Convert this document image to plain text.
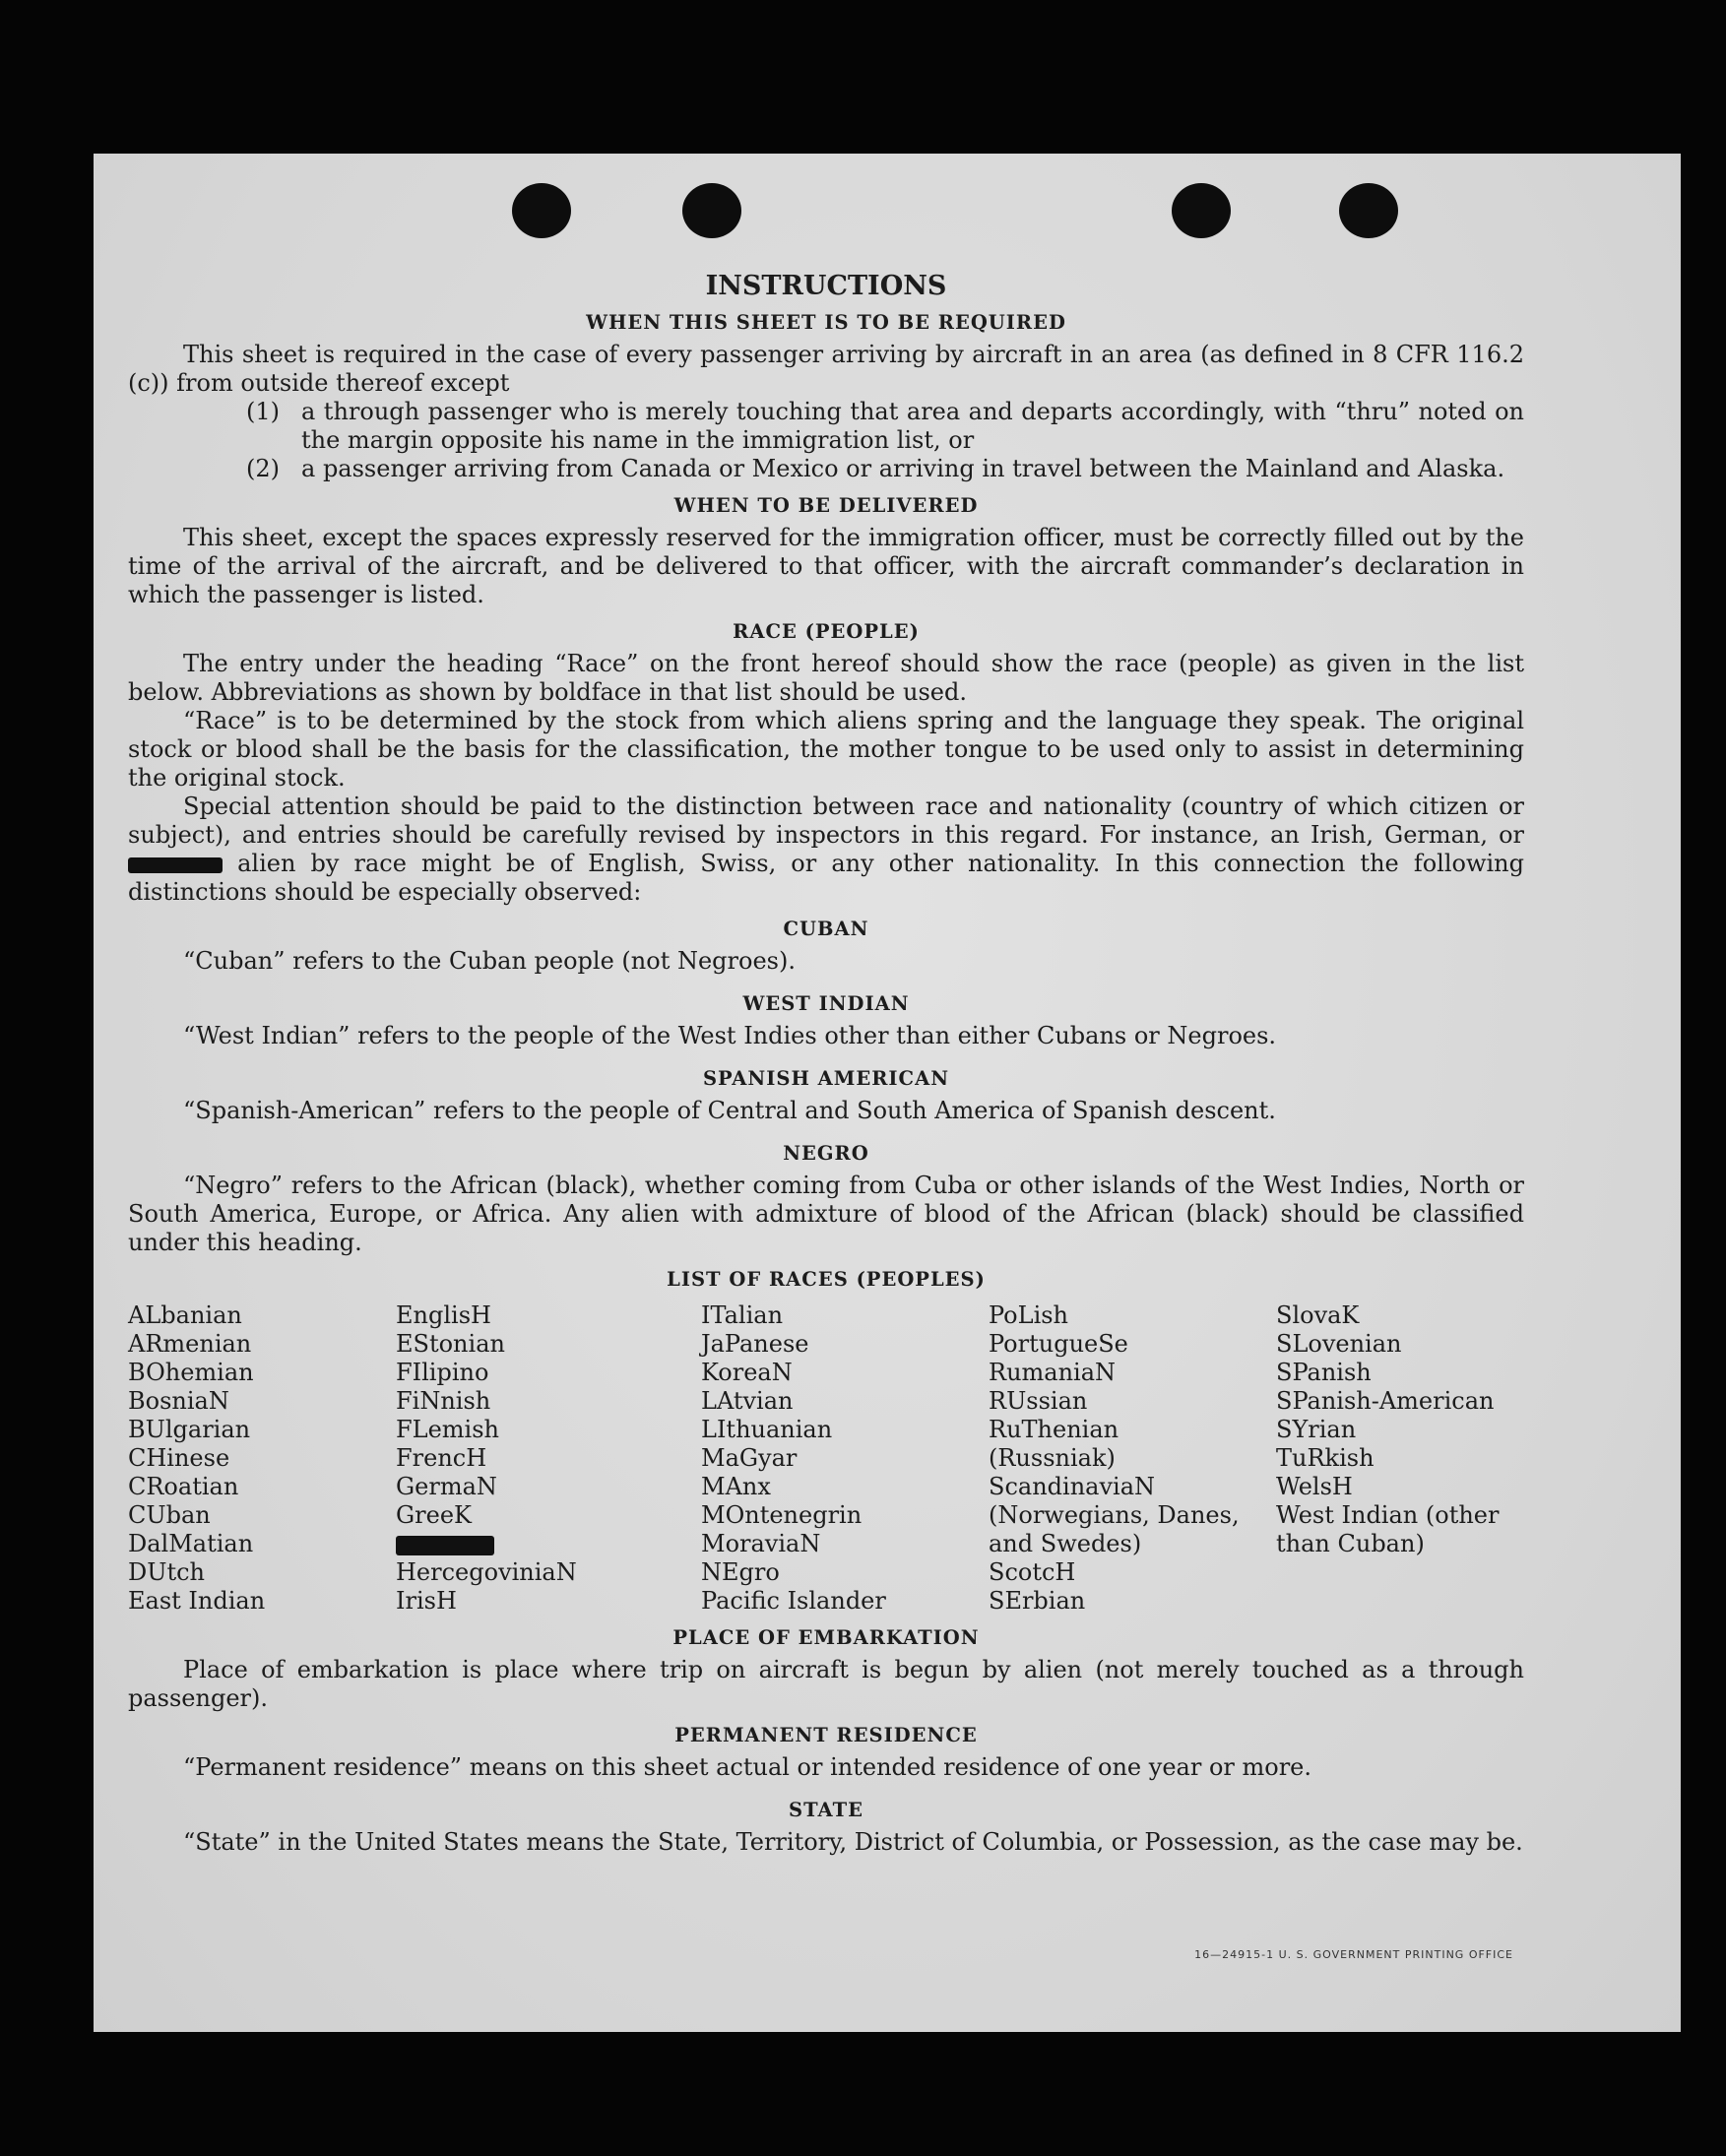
INSTRUCTIONS
WHEN THIS SHEET IS TO BE REQUIRED

This sheet is required in the case of every passenger arriving by aircraft in an area (as defined in 8 CFR 116.2 (c)) from outside thereof except

(1) a through passenger who is merely touching that area and departs accordingly, with “thru” noted on the margin opposite his name in the immigration list, or
(2) a passenger arriving from Canada or Mexico or arriving in travel between the Mainland and Alaska.
WHEN TO BE DELIVERED

This sheet, except the spaces expressly reserved for the immigration officer, must be correctly filled out by the time of the arrival of the aircraft, and be delivered to that officer, with the aircraft commander’s declaration in which the passenger is listed.

RACE (PEOPLE)

The entry under the heading “Race” on the front hereof should show the race (people) as given in the list below. Abbreviations as shown by boldface in that list should be used.

“Race” is to be determined by the stock from which aliens spring and the language they speak. The original stock or blood shall be the basis for the classification, the mother tongue to be used only to assist in determining the original stock.

Special attention should be paid to the distinction between race and nationality (country of which citizen or subject), and entries should be carefully revised by inspectors in this regard. For instance, an Irish, German, or  alien by race might be of English, Swiss, or any other nationality. In this connection the following distinctions should be especially observed:

CUBAN

“Cuban” refers to the Cuban people (not Negroes).

WEST INDIAN

“West Indian” refers to the people of the West Indies other than either Cubans or Negroes.

SPANISH AMERICAN

“Spanish-American” refers to the people of Central and South America of Spanish descent.

NEGRO

“Negro” refers to the African (black), whether coming from Cuba or other islands of the West Indies, North or South America, Europe, or Africa. Any alien with admixture of blood of the African (black) should be classified under this heading.

LIST OF RACES (PEOPLES)
ALbanian
ARmenian
BOhemian
BosniaN
BUlgarian
CHinese
CRoatian
CUban
DalMatian
DUtch
East Indian
EnglisH
EStonian
FIlipino
FiNnish
FLemish
FrencH
GermaN
GreeK
HercegoviniaN
IrisH
ITalian
JaPanese
KoreaN
LAtvian
LIthuanian
MaGyar
MAnx
MOntenegrin
MoraviaN
NEgro
Pacific Islander
PoLish
PortugueSe
RumaniaN
RUssian
RuThenian (Russniak)
ScandinaviaN (Norwegians, Danes, and Swedes)
ScotcH
SErbian
SlovaK
SLovenian
SPanish
SPanish-American
SYrian
TuRkish
WelsH
West Indian (other than Cuban)
PLACE OF EMBARKATION

Place of embarkation is place where trip on aircraft is begun by alien (not merely touched as a through passenger).

PERMANENT RESIDENCE

“Permanent residence” means on this sheet actual or intended residence of one year or more.

STATE

“State” in the United States means the State, Territory, District of Columbia, or Possession, as the case may be.

16—24915-1 U. S. GOVERNMENT PRINTING OFFICE
